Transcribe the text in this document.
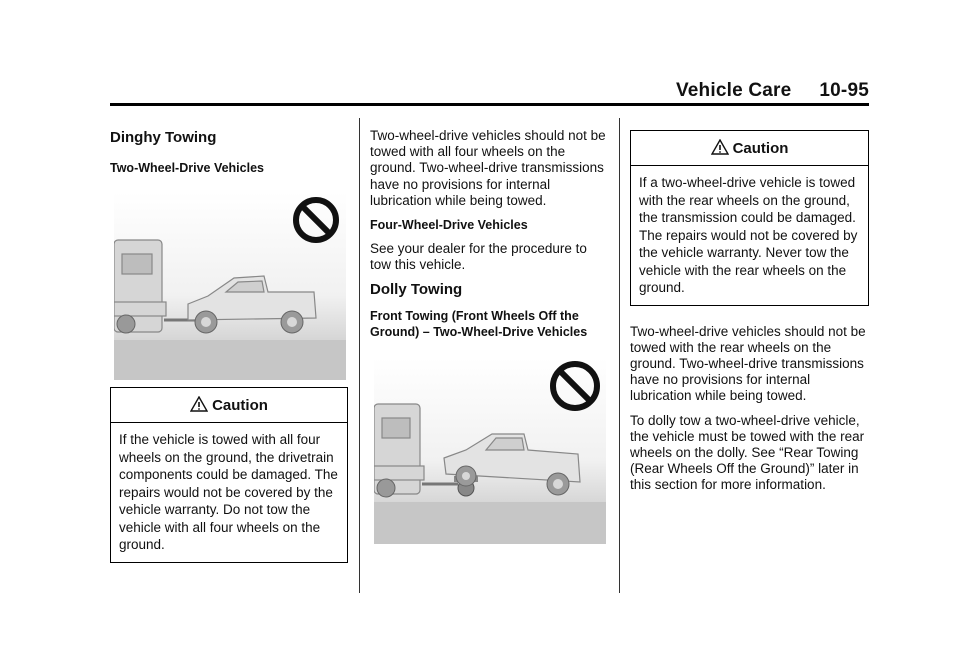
Vehicle Care 10-95
Dinghy Towing
Two-Wheel-Drive Vehicles
Caution
If the vehicle is towed with all four wheels on the ground, the drivetrain components could be damaged. The repairs would not be covered by the vehicle warranty. Do not tow the vehicle with all four wheels on the ground.

Two-wheel-drive vehicles should not be towed with all four wheels on the ground. Two-wheel-drive transmissions have no provisions for internal lubrication while being towed.

Four-Wheel-Drive Vehicles

See your dealer for the procedure to tow this vehicle.

Dolly Towing
Front Towing (Front Wheels Off the Ground) – Two-Wheel-Drive Vehicles
Caution
If a two-wheel-drive vehicle is towed with the rear wheels on the ground, the transmission could be damaged. The repairs would not be covered by the vehicle warranty. Never tow the vehicle with the rear wheels on the ground.

Two-wheel-drive vehicles should not be towed with the rear wheels on the ground. Two-wheel-drive transmissions have no provisions for internal lubrication while being towed.

To dolly tow a two-wheel-drive vehicle, the vehicle must be towed with the rear wheels on the dolly. See “Rear Towing (Rear Wheels Off the Ground)” later in this section for more information.
